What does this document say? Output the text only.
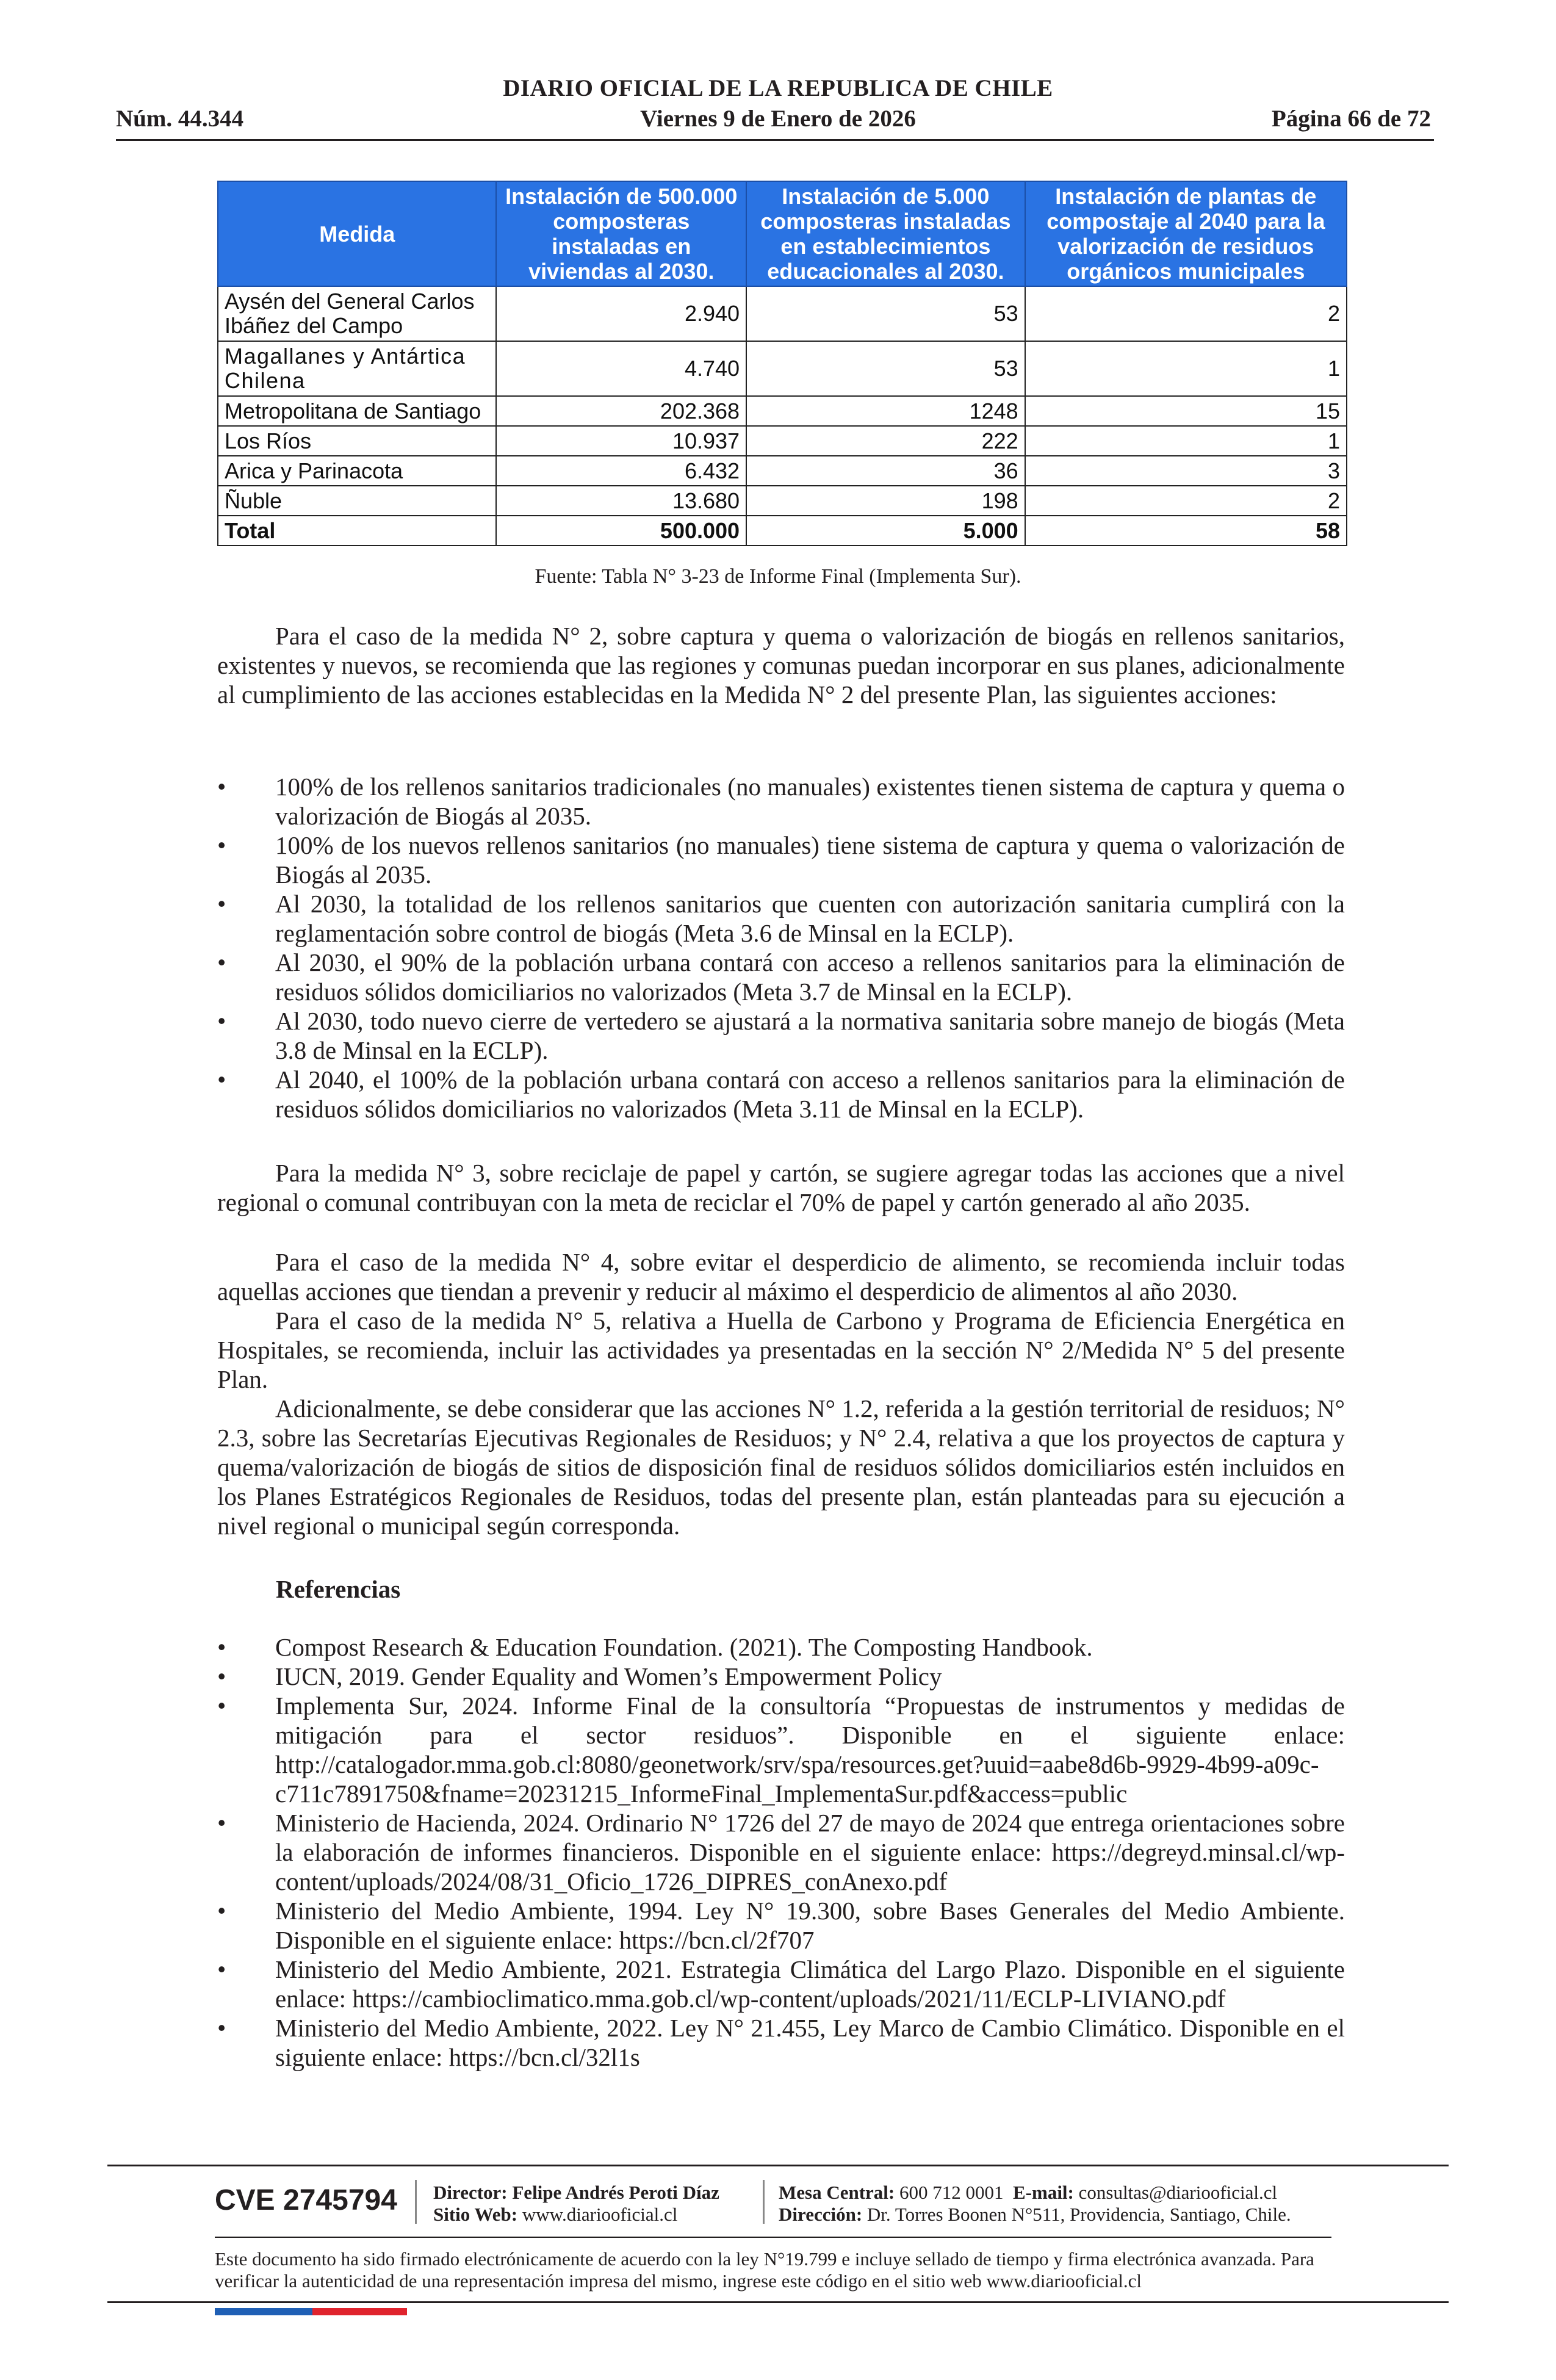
DIARIO OFICIAL DE LA REPUBLICA DE CHILE
Núm. 44.344	Viernes 9 de Enero de 2026	Página 66 de 72
Medida	Instalación de 500.000 composteras instaladas en viviendas al 2030.	Instalación de 5.000 composteras instaladas en establecimientos educacionales al 2030.	Instalación de plantas de compostaje al 2040 para la valorización de residuos orgánicos municipales
Aysén del General Carlos Ibáñez del Campo	2.940	53	2
Magallanes y Antártica Chilena	4.740	53	1
Metropolitana de Santiago	202.368	1248	15
Los Ríos	10.937	222	1
Arica y Parinacota	6.432	36	3
Ñuble	13.680	198	2
Total	500.000	5.000	58
Fuente: Tabla N° 3-23 de Informe Final (Implementa Sur).
Para el caso de la medida N° 2, sobre captura y quema o valorización de biogás en rellenos sanitarios, existentes y nuevos, se recomienda que las regiones y comunas puedan incorporar en sus planes, adicionalmente al cumplimiento de las acciones establecidas en la Medida N° 2 del presente Plan, las siguientes acciones:
• 100% de los rellenos sanitarios tradicionales (no manuales) existentes tienen sistema de captura y quema o valorización de Biogás al 2035.
• 100% de los nuevos rellenos sanitarios (no manuales) tiene sistema de captura y quema o valorización de Biogás al 2035.
• Al 2030, la totalidad de los rellenos sanitarios que cuenten con autorización sanitaria cumplirá con la reglamentación sobre control de biogás (Meta 3.6 de Minsal en la ECLP).
• Al 2030, el 90% de la población urbana contará con acceso a rellenos sanitarios para la eliminación de residuos sólidos domiciliarios no valorizados (Meta 3.7 de Minsal en la ECLP).
• Al 2030, todo nuevo cierre de vertedero se ajustará a la normativa sanitaria sobre manejo de biogás (Meta 3.8 de Minsal en la ECLP).
• Al 2040, el 100% de la población urbana contará con acceso a rellenos sanitarios para la eliminación de residuos sólidos domiciliarios no valorizados (Meta 3.11 de Minsal en la ECLP).
Para la medida N° 3, sobre reciclaje de papel y cartón, se sugiere agregar todas las acciones que a nivel regional o comunal contribuyan con la meta de reciclar el 70% de papel y cartón generado al año 2035.
Para el caso de la medida N° 4, sobre evitar el desperdicio de alimento, se recomienda incluir todas aquellas acciones que tiendan a prevenir y reducir al máximo el desperdicio de alimentos al año 2030.
Para el caso de la medida N° 5, relativa a Huella de Carbono y Programa de Eficiencia Energética en Hospitales, se recomienda, incluir las actividades ya presentadas en la sección N° 2/Medida N° 5 del presente Plan.
Adicionalmente, se debe considerar que las acciones N° 1.2, referida a la gestión territorial de residuos; N° 2.3, sobre las Secretarías Ejecutivas Regionales de Residuos; y N° 2.4, relativa a que los proyectos de captura y quema/valorización de biogás de sitios de disposición final de residuos sólidos domiciliarios estén incluidos en los Planes Estratégicos Regionales de Residuos, todas del presente plan, están planteadas para su ejecución a nivel regional o municipal según corresponda.
Referencias
• Compost Research & Education Foundation. (2021). The Composting Handbook.
• IUCN, 2019. Gender Equality and Women’s Empowerment Policy
• Implementa Sur, 2024. Informe Final de la consultoría “Propuestas de instrumentos y medidas de mitigación para el sector residuos”. Disponible en el siguiente enlace: http://catalogador.mma.gob.cl:8080/geonetwork/srv/spa/resources.get?uuid=aabe8d6b-9929-4b99-a09c-c711c7891750&fname=20231215_InformeFinal_ImplementaSur.pdf&access=public
• Ministerio de Hacienda, 2024. Ordinario N° 1726 del 27 de mayo de 2024 que entrega orientaciones sobre la elaboración de informes financieros. Disponible en el siguiente enlace: https://degreyd.minsal.cl/wp-content/uploads/2024/08/31_Oficio_1726_DIPRES_conAnexo.pdf
• Ministerio del Medio Ambiente, 1994. Ley N° 19.300, sobre Bases Generales del Medio Ambiente. Disponible en el siguiente enlace: https://bcn.cl/2f707
• Ministerio del Medio Ambiente, 2021. Estrategia Climática del Largo Plazo. Disponible en el siguiente enlace: https://cambioclimatico.mma.gob.cl/wp-content/uploads/2021/11/ECLP-LIVIANO.pdf
• Ministerio del Medio Ambiente, 2022. Ley N° 21.455, Ley Marco de Cambio Climático. Disponible en el siguiente enlace: https://bcn.cl/32l1s
CVE 2745794 Director: Felipe Andrés Peroti Díaz
Sitio Web: www.diariooficial.cl
Mesa Central: 600 712 0001 E-mail: consultas@diariooficial.cl
Dirección: Dr. Torres Boonen N°511, Providencia, Santiago, Chile.
Este documento ha sido firmado electrónicamente de acuerdo con la ley N°19.799 e incluye sellado de tiempo y firma electrónica avanzada. Para verificar la autenticidad de una representación impresa del mismo, ingrese este código en el sitio web www.diariooficial.cl
